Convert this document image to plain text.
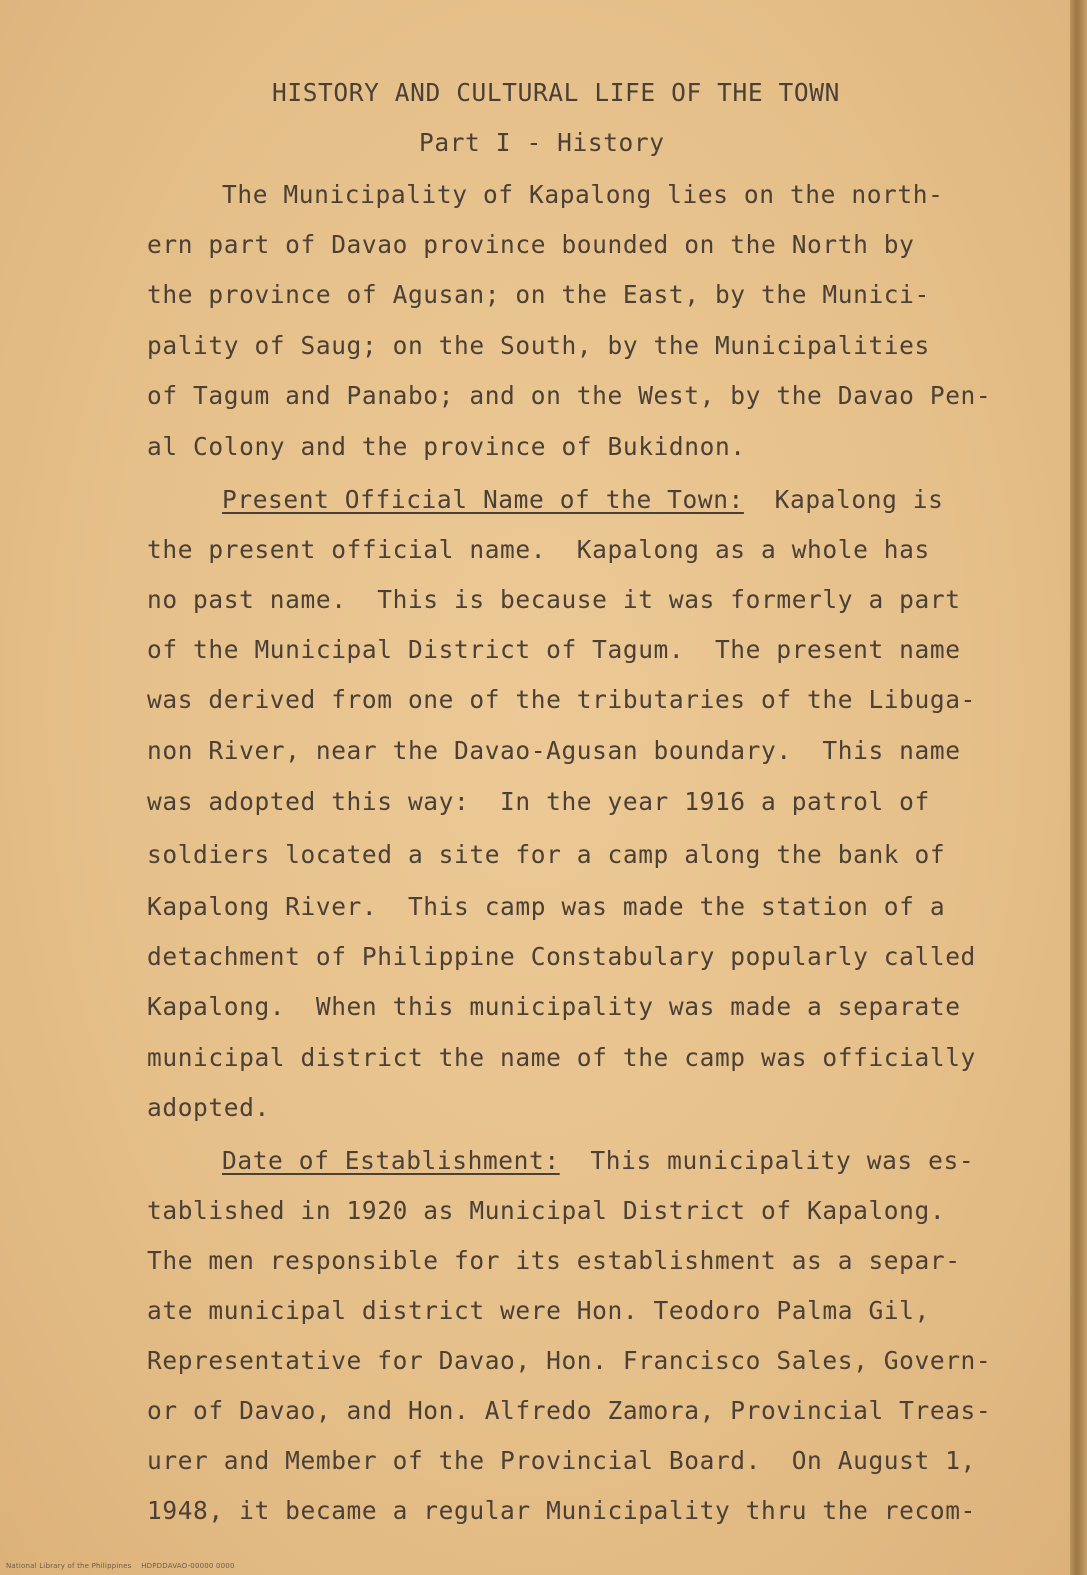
HISTORY AND CULTURAL LIFE OF THE TOWN

Part I - History

The Municipality of Kapalong lies on the north-

ern part of Davao province bounded on the North by

the province of Agusan; on the East, by the Munici-

pality of Saug; on the South, by the Municipalities

of Tagum and Panabo; and on the West, by the Davao Pen-

al Colony and the province of Bukidnon.

Present Official Name of the Town:  Kapalong is

the present official name.  Kapalong as a whole has

no past name.  This is because it was formerly a part

of the Municipal District of Tagum.  The present name

was derived from one of the tributaries of the Libuga-

non River, near the Davao-Agusan boundary.  This name

was adopted this way:  In the year 1916 a patrol of

soldiers located a site for a camp along the bank of

Kapalong River.  This camp was made the station of a

detachment of Philippine Constabulary popularly called

Kapalong.  When this municipality was made a separate

municipal district the name of the camp was officially

adopted.

Date of Establishment:  This municipality was es-

tablished in 1920 as Municipal District of Kapalong.

The men responsible for its establishment as a separ-

ate municipal district were Hon. Teodoro Palma Gil,

Representative for Davao, Hon. Francisco Sales, Govern-

or of Davao, and Hon. Alfredo Zamora, Provincial Treas-

urer and Member of the Provincial Board.  On August 1,

1948, it became a regular Municipality thru the recom-

National Library of the Philippines    HDPDDAVAO-00000 0000
